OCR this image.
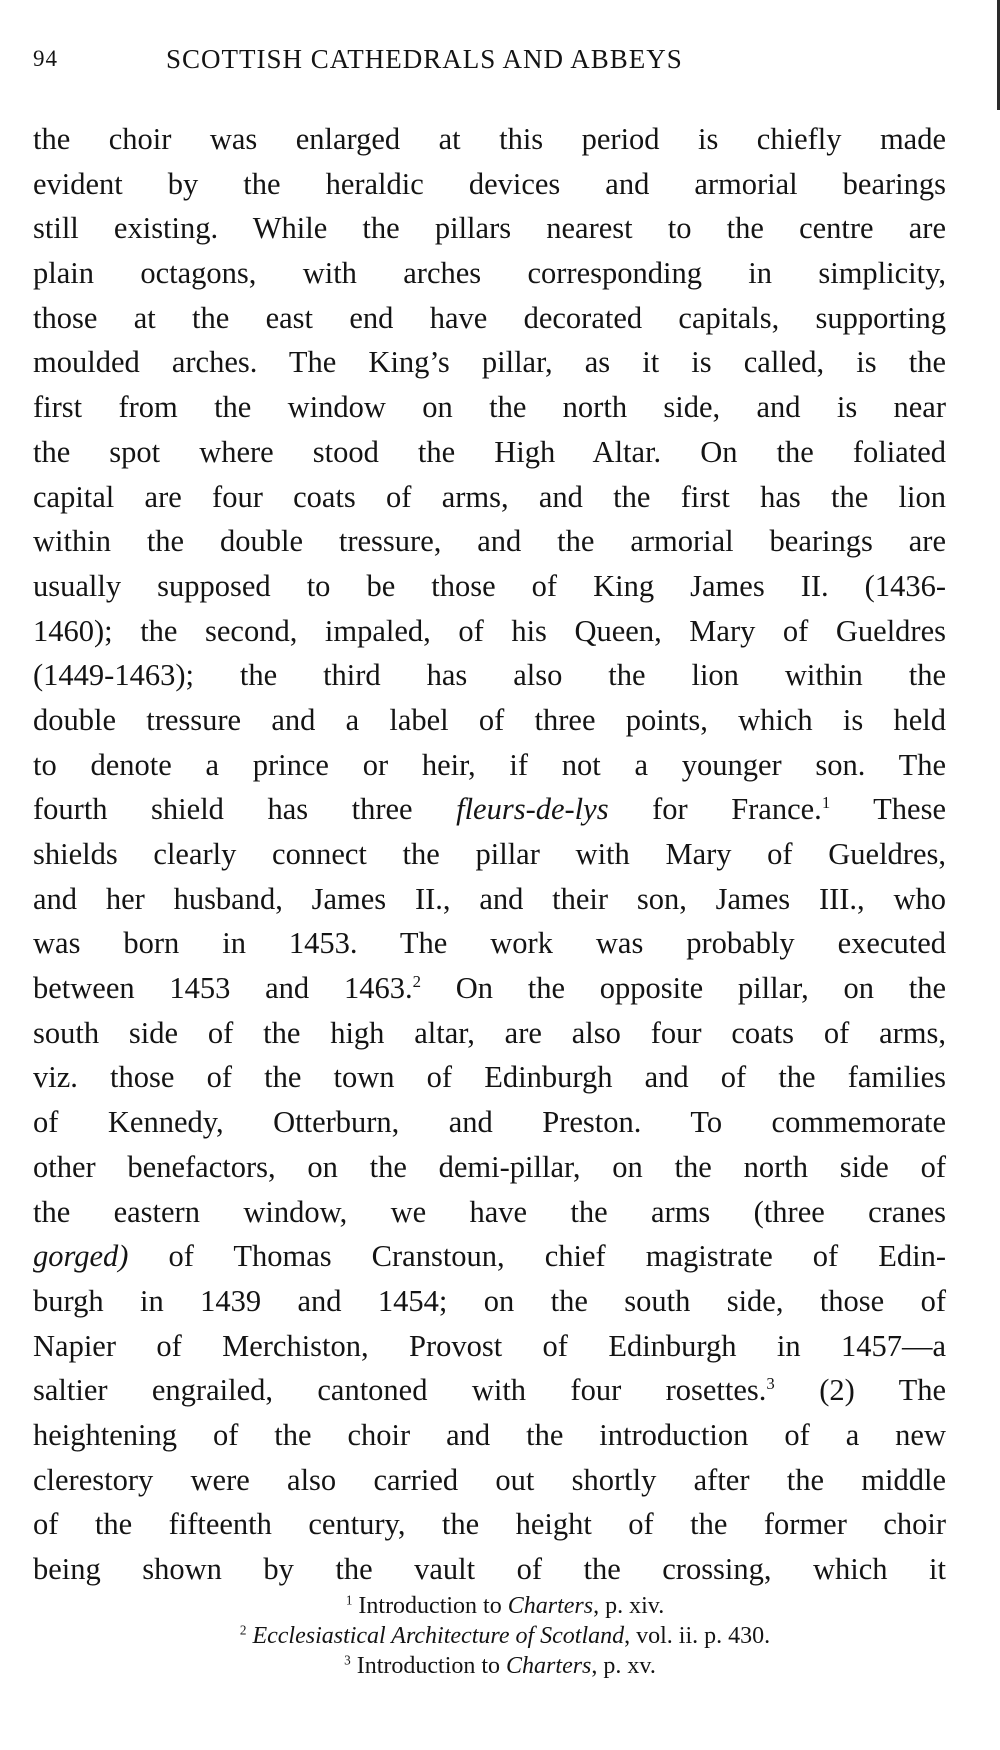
94	SCOTTISH CATHEDRALS AND ABBEYS
the choir was enlarged at this period is chiefly made
evident by the heraldic devices and armorial bearings
still existing. While the pillars nearest to the centre are
plain octagons, with arches corresponding in simplicity,
those at the east end have decorated capitals, supporting
moulded arches. The King’s pillar, as it is called, is the
first from the window on the north side, and is near
the spot where stood the High Altar. On the foliated
capital are four coats of arms, and the first has the lion
within the double tressure, and the armorial bearings are
usually supposed to be those of King James II. (1436-
1460); the second, impaled, of his Queen, Mary of Gueldres
(1449-1463); the third has also the lion within the
double tressure and a label of three points, which is held
to denote a prince or heir, if not a younger son. The
fourth shield has three fleurs-de-lys for France.$^1$ These
shields clearly connect the pillar with Mary of Gueldres,
and her husband, James II., and their son, James III., who
was born in 1453. The work was probably executed
between 1453 and 1463.$^2$ On the opposite pillar, on the
south side of the high altar, are also four coats of arms,
viz. those of the town of Edinburgh and of the families
of Kennedy, Otterburn, and Preston. To commemorate
other benefactors, on the demi-pillar, on the north side of
the eastern window, we have the arms (three cranes
gorged) of Thomas Cranstoun, chief magistrate of Edin-
burgh in 1439 and 1454; on the south side, those of
Napier of Merchiston, Provost of Edinburgh in 1457—a
saltier engrailed, cantoned with four rosettes.$^3$ (2) The
heightening of the choir and the introduction of a new
clerestory were also carried out shortly after the middle
of the fifteenth century, the height of the former choir
being shown by the vault of the crossing, which it
$^1$ Introduction to Charters, p. xiv.
$^2$ Ecclesiastical Architecture of Scotland, vol. ii. p. 430.
$^3$ Introduction to Charters, p. xv.
